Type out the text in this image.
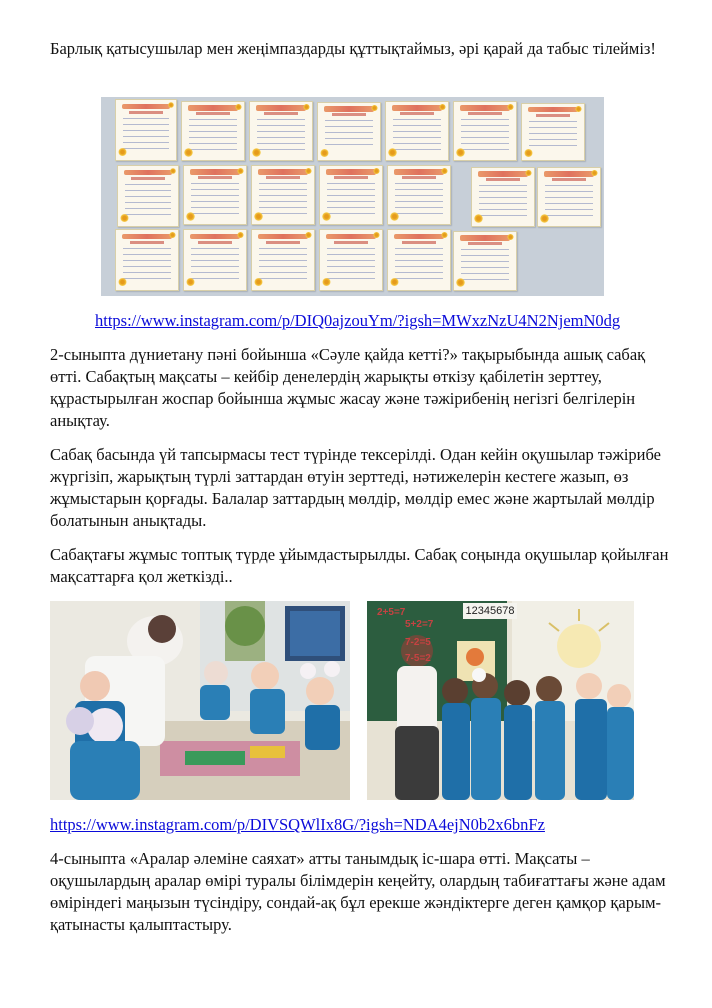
Барлық қатысушылар мен жеңімпаздарды құттықтаймыз, әрі қарай да табыс тілейміз!

https://www.instagram.com/p/DIQ0ajzouYm/?igsh=MWxzNzU4N2NjemN0dg

2-сыныпта дүниетану пәні бойынша «Сәуле қайда кетті?» тақырыбында ашық сабақ өтті. Сабақтың мақсаты – кейбір денелердің жарықты өткізу қабілетін зерттеу, құрастырылған жоспар бойынша жұмыс жасау және тәжірибенің негізгі белгілерін анықтау.

Сабақ басында үй тапсырмасы тест түрінде тексерілді. Одан кейін оқушылар тәжірибе жүргізіп, жарықтың түрлі заттардан өтуін зерттеді, нәтижелерін кестеге жазып, өз жұмыстарын қорғады. Балалар заттардың мөлдір, мөлдір емес және жартылай мөлдір болатынын анықтады.

Сабақтағы жұмыс топтық түрде ұйымдастырылды. Сабақ соңында оқушылар қойылған мақсаттарға қол жеткізді..

12345678
2+5=7
5+2=7
7-2=5
7-5=2
https://www.instagram.com/p/DIVSQWlIx8G/?igsh=NDA4ejN0b2x6bnFz

4-сыныпта «Аралар әлеміне саяхат» атты танымдық іс-шара өтті. Мақсаты – оқушылардың аралар өмірі туралы білімдерін кеңейту, олардың табиғаттағы және адам өміріндегі маңызын түсіндіру, сондай-ақ бұл ерекше жәндіктерге деген қамқор қарым-қатынасты қалыптастыру.
